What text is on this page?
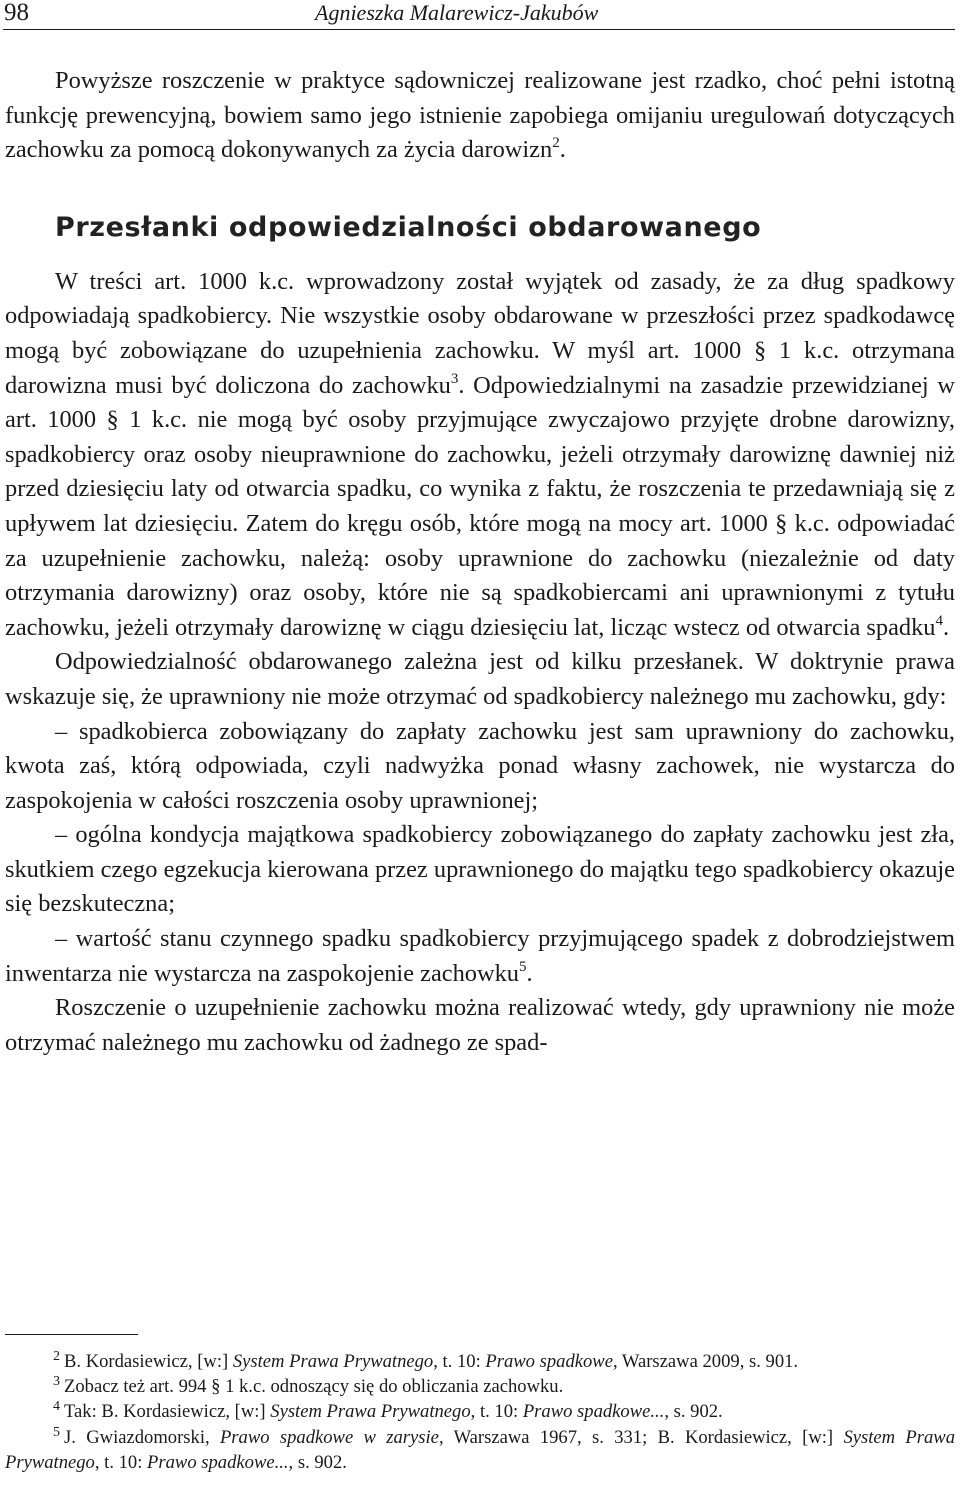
98	Agnieszka Malarewicz-Jakubów

Powyższe roszczenie w praktyce sądowniczej realizowane jest rzadko, choć pełni istotną funkcję prewencyjną, bowiem samo jego istnienie zapobiega omijaniu uregulowań dotyczących zachowku za pomocą dokonywanych za życia darowizn$^2$.

Przesłanki odpowiedzialności obdarowanego

W treści art. 1000 k.c. wprowadzony został wyjątek od zasady, że za dług spadkowy odpowiadają spadkobiercy. Nie wszystkie osoby obdarowane w przeszłości przez spadkodawcę mogą być zobowiązane do uzupełnienia zachowku. W myśl art. 1000 § 1 k.c. otrzymana darowizna musi być doliczona do zachowku$^3$. Odpowiedzialnymi na zasadzie przewidzianej w art. 1000 § 1 k.c. nie mogą być osoby przyjmujące zwyczajowo przyjęte drobne darowizny, spadkobiercy oraz osoby nieuprawnione do zachowku, jeżeli otrzymały darowiznę dawniej niż przed dziesięciu laty od otwarcia spadku, co wynika z faktu, że roszczenia te przedawniają się z upływem lat dziesięciu. Zatem do kręgu osób, które mogą na mocy art. 1000 § k.c. odpowiadać za uzupełnienie zachowku, należą: osoby uprawnione do zachowku (niezależnie od daty otrzymania darowizny) oraz osoby, które nie są spadkobiercami ani uprawnionymi z tytułu zachowku, jeżeli otrzymały darowiznę w ciągu dziesięciu lat, licząc wstecz od otwarcia spadku$^4$.

Odpowiedzialność obdarowanego zależna jest od kilku przesłanek. W doktrynie prawa wskazuje się, że uprawniony nie może otrzymać od spadkobiercy należnego mu zachowku, gdy:

– spadkobierca zobowiązany do zapłaty zachowku jest sam uprawniony do zachowku, kwota zaś, którą odpowiada, czyli nadwyżka ponad własny zachowek, nie wystarcza do zaspokojenia w całości roszczenia osoby uprawnionej;

– ogólna kondycja majątkowa spadkobiercy zobowiązanego do zapłaty zachowku jest zła, skutkiem czego egzekucja kierowana przez uprawnionego do majątku tego spadkobiercy okazuje się bezskuteczna;

– wartość stanu czynnego spadku spadkobiercy przyjmującego spadek z dobrodziejstwem inwentarza nie wystarcza na zaspokojenie zachowku$^5$.

Roszczenie o uzupełnienie zachowku można realizować wtedy, gdy uprawniony nie może otrzymać należnego mu zachowku od żadnego ze spad-

$^2$ B. Kordasiewicz, [w:] System Prawa Prywatnego, t. 10: Prawo spadkowe, Warszawa 2009, s. 901.

$^3$ Zobacz też art. 994 § 1 k.c. odnoszący się do obliczania zachowku.

$^4$ Tak: B. Kordasiewicz, [w:] System Prawa Prywatnego, t. 10: Prawo spadkowe..., s. 902.

$^5$ J. Gwiazdomorski, Prawo spadkowe w zarysie, Warszawa 1967, s. 331; B. Kordasiewicz, [w:] System Prawa Prywatnego, t. 10: Prawo spadkowe..., s. 902.
